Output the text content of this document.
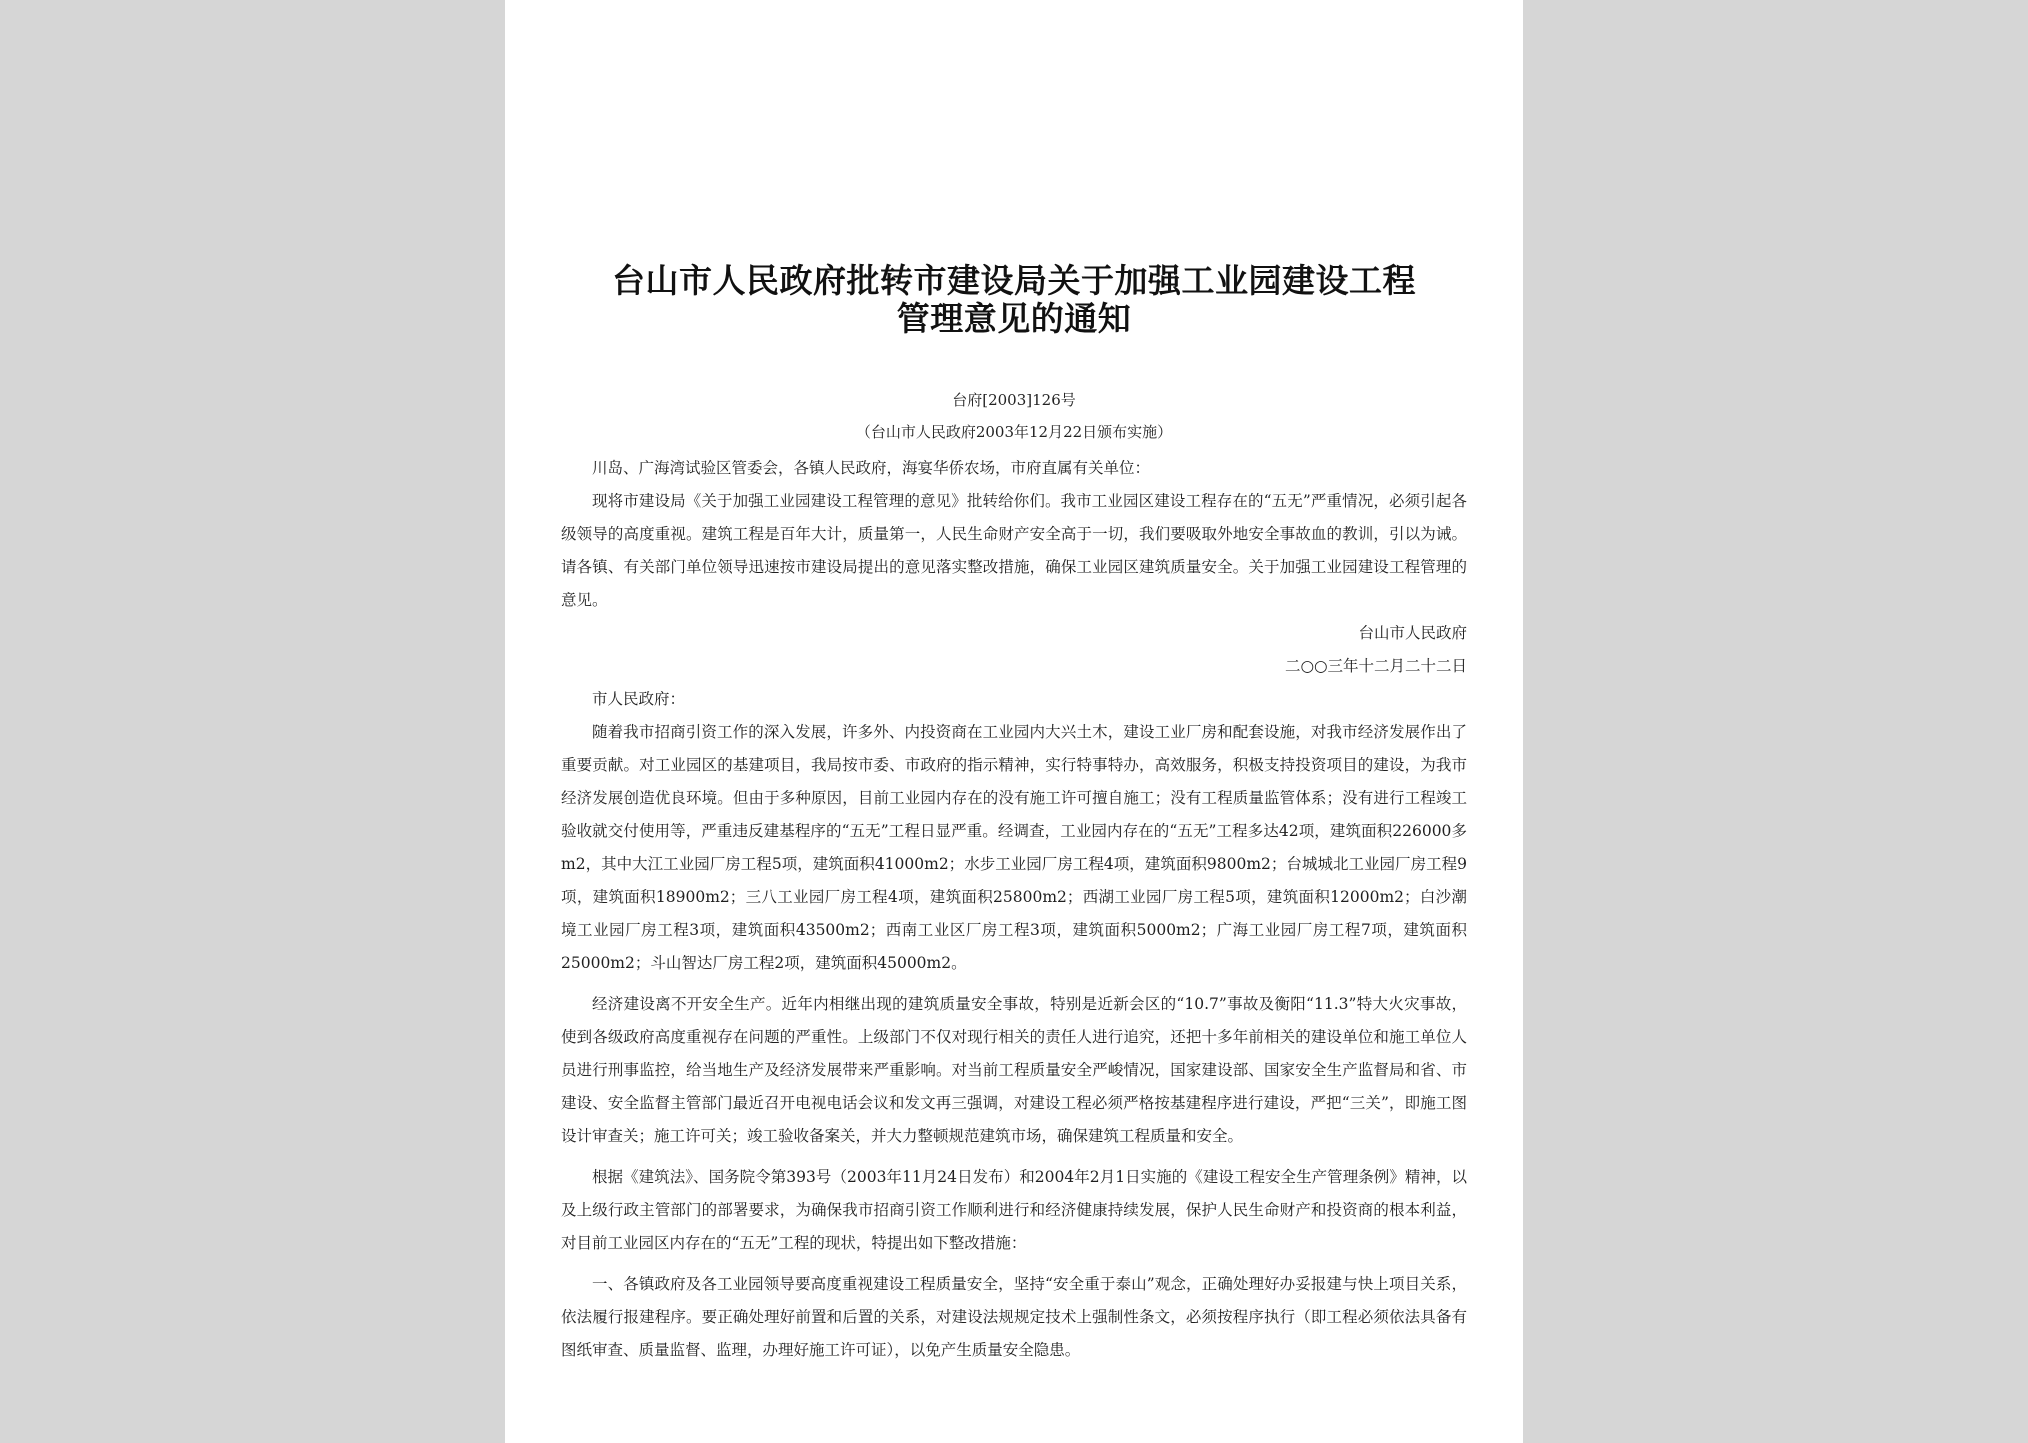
台山市人民政府批转市建设局关于加强工业园建设工程管理意见的通知
台府[2003]126号
（台山市人民政府2003年12月22日颁布实施）

川岛、广海湾试验区管委会，各镇人民政府，海宴华侨农场，市府直属有关单位：

现将市建设局《关于加强工业园建设工程管理的意见》批转给你们。我市工业园区建设工程存在的“五无”严重情况，必须引起各级领导的高度重视。建筑工程是百年大计，质量第一，人民生命财产安全高于一切，我们要吸取外地安全事故血的教训，引以为诫。请各镇、有关部门单位领导迅速按市建设局提出的意见落实整改措施，确保工业园区建筑质量安全。关于加强工业园建设工程管理的意见。

台山市人民政府

二○○三年十二月二十二日

市人民政府：

随着我市招商引资工作的深入发展，许多外、内投资商在工业园内大兴土木，建设工业厂房和配套设施，对我市经济发展作出了重要贡献。对工业园区的基建项目，我局按市委、市政府的指示精神，实行特事特办，高效服务，积极支持投资项目的建设，为我市经济发展创造优良环境。但由于多种原因，目前工业园内存在的没有施工许可擅自施工；没有工程质量监管体系；没有进行工程竣工验收就交付使用等，严重违反建基程序的“五无”工程日显严重。经调查，工业园内存在的“五无”工程多达42项，建筑面积226000多m2，其中大江工业园厂房工程5项，建筑面积41000m2；水步工业园厂房工程4项，建筑面积9800m2；台城城北工业园厂房工程9项，建筑面积18900m2；三八工业园厂房工程4项，建筑面积25800m2；西湖工业园厂房工程5项，建筑面积12000m2；白沙潮境工业园厂房工程3项，建筑面积43500m2；西南工业区厂房工程3项，建筑面积5000m2；广海工业园厂房工程7项，建筑面积25000m2；斗山智达厂房工程2项，建筑面积45000m2。

经济建设离不开安全生产。近年内相继出现的建筑质量安全事故，特别是近新会区的“10.7”事故及衡阳“11.3”特大火灾事故，使到各级政府高度重视存在问题的严重性。上级部门不仅对现行相关的责任人进行追究，还把十多年前相关的建设单位和施工单位人员进行刑事监控，给当地生产及经济发展带来严重影响。对当前工程质量安全严峻情况，国家建设部、国家安全生产监督局和省、市建设、安全监督主管部门最近召开电视电话会议和发文再三强调，对建设工程必须严格按基建程序进行建设，严把“三关”，即施工图设计审查关；施工许可关；竣工验收备案关，并大力整顿规范建筑市场，确保建筑工程质量和安全。

根据《建筑法》、国务院令第393号（2003年11月24日发布）和2004年2月1日实施的《建设工程安全生产管理条例》精神，以及上级行政主管部门的部署要求，为确保我市招商引资工作顺利进行和经济健康持续发展，保护人民生命财产和投资商的根本利益，对目前工业园区内存在的“五无”工程的现状，特提出如下整改措施：

一、各镇政府及各工业园领导要高度重视建设工程质量安全，坚持“安全重于泰山”观念，正确处理好办妥报建与快上项目关系，依法履行报建程序。要正确处理好前置和后置的关系，对建设法规规定技术上强制性条文，必须按程序执行（即工程必须依法具备有图纸审查、质量监督、监理，办理好施工许可证），以免产生质量安全隐患。
